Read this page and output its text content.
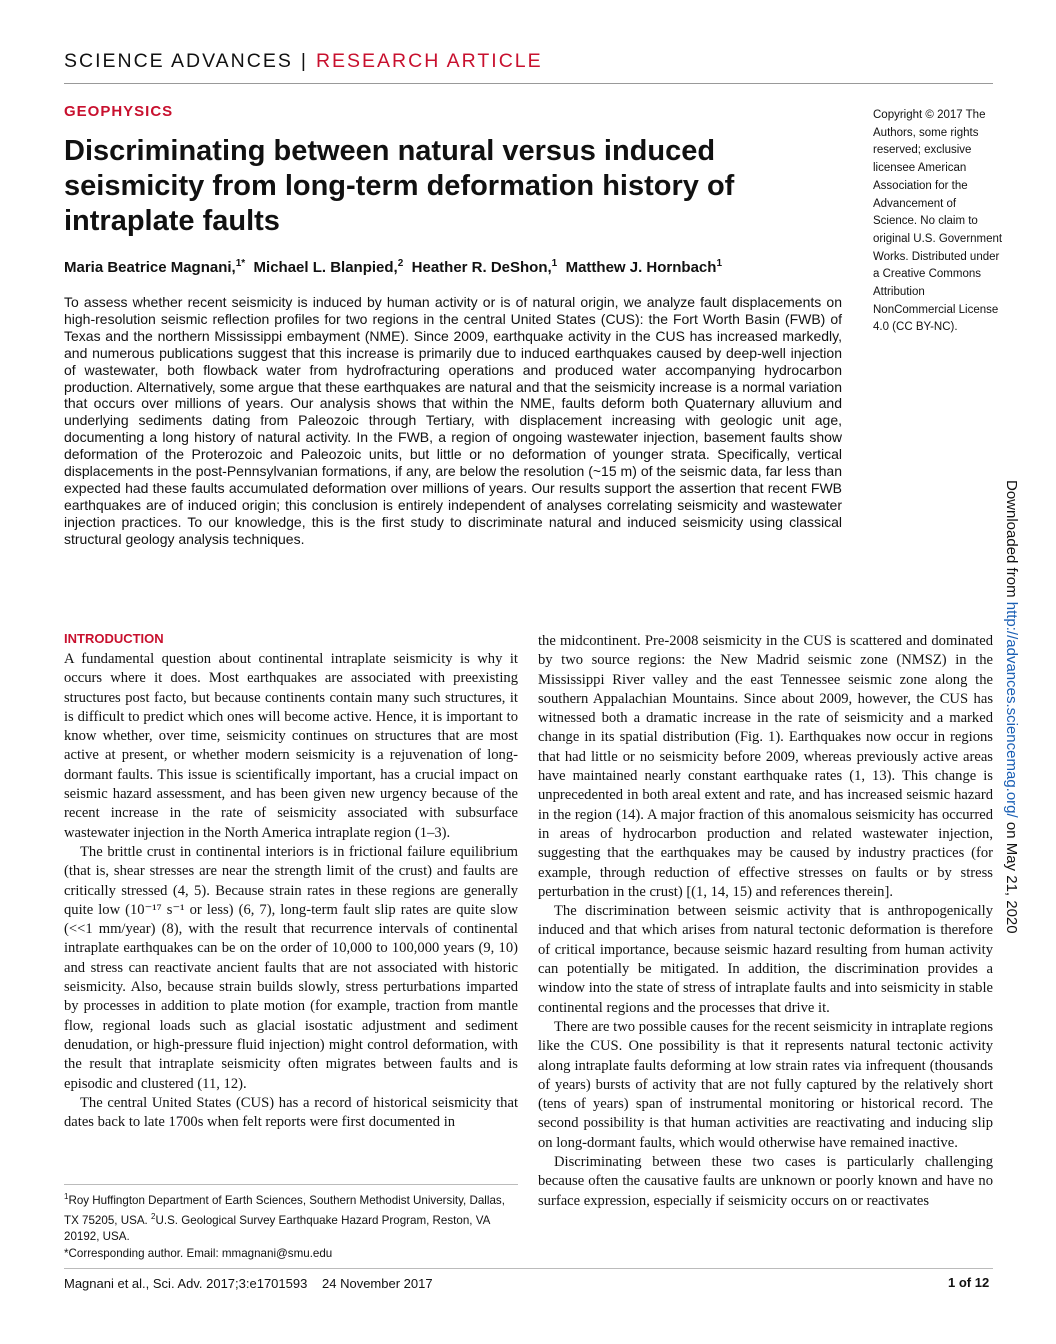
SCIENCE ADVANCES | RESEARCH ARTICLE
GEOPHYSICS
Discriminating between natural versus induced seismicity from long-term deformation history of intraplate faults
Maria Beatrice Magnani,$^{1*}$ Michael L. Blanpied,$^2$ Heather R. DeShon,$^1$ Matthew J. Hornbach$^1$
Copyright © 2017 The Authors, some rights reserved; exclusive licensee American Association for the Advancement of Science. No claim to original U.S. Government Works. Distributed under a Creative Commons Attribution NonCommercial License 4.0 (CC BY-NC).
To assess whether recent seismicity is induced by human activity or is of natural origin, we analyze fault displacements on high-resolution seismic reflection profiles for two regions in the central United States (CUS): the Fort Worth Basin (FWB) of Texas and the northern Mississippi embayment (NME). Since 2009, earthquake activity in the CUS has increased markedly, and numerous publications suggest that this increase is primarily due to induced earthquakes caused by deep-well injection of wastewater, both flowback water from hydrofracturing operations and produced water accompanying hydrocarbon production. Alternatively, some argue that these earthquakes are natural and that the seismicity increase is a normal variation that occurs over millions of years. Our analysis shows that within the NME, faults deform both Quaternary alluvium and underlying sediments dating from Paleozoic through Tertiary, with displacement increasing with geologic unit age, documenting a long history of natural activity. In the FWB, a region of ongoing wastewater injection, basement faults show deformation of the Proterozoic and Paleozoic units, but little or no deformation of younger strata. Specifically, vertical displacements in the post-Pennsylvanian formations, if any, are below the resolution (~15 m) of the seismic data, far less than expected had these faults accumulated deformation over millions of years. Our results support the assertion that recent FWB earthquakes are of induced origin; this conclusion is entirely independent of analyses correlating seismicity and wastewater injection practices. To our knowledge, this is the first study to discriminate natural and induced seismicity using classical structural geology analysis techniques.
INTRODUCTION

A fundamental question about continental intraplate seismicity is why it occurs where it does. Most earthquakes are associated with preexisting structures post facto, but because continents contain many such structures, it is difficult to predict which ones will become active. Hence, it is important to know whether, over time, seismicity continues on structures that are most active at present, or whether modern seismicity is a rejuvenation of long-dormant faults. This issue is scientifically important, has a crucial impact on seismic hazard assessment, and has been given new urgency because of the recent increase in the rate of seismicity associated with subsurface wastewater injection in the North America intraplate region (1–3).

The brittle crust in continental interiors is in frictional failure equilibrium (that is, shear stresses are near the strength limit of the crust) and faults are critically stressed (4, 5). Because strain rates in these regions are generally quite low (10⁻¹⁷ s⁻¹ or less) (6, 7), long-term fault slip rates are quite slow (<<1 mm/year) (8), with the result that recurrence intervals of continental intraplate earthquakes can be on the order of 10,000 to 100,000 years (9, 10) and stress can reactivate ancient faults that are not associated with historic seismicity. Also, because strain builds slowly, stress perturbations imparted by processes in addition to plate motion (for example, traction from mantle flow, regional loads such as glacial isostatic adjustment and sediment denudation, or high-pressure fluid injection) might control deformation, with the result that intraplate seismicity often migrates between faults and is episodic and clustered (11, 12).

The central United States (CUS) has a record of historical seismicity that dates back to late 1700s when felt reports were first documented in

the midcontinent. Pre-2008 seismicity in the CUS is scattered and dominated by two source regions: the New Madrid seismic zone (NMSZ) in the Mississippi River valley and the east Tennessee seismic zone along the southern Appalachian Mountains. Since about 2009, however, the CUS has witnessed both a dramatic increase in the rate of seismicity and a marked change in its spatial distribution (Fig. 1). Earthquakes now occur in regions that had little or no seismicity before 2009, whereas previously active areas have maintained nearly constant earthquake rates (1, 13). This change is unprecedented in both areal extent and rate, and has increased seismic hazard in the region (14). A major fraction of this anomalous seismicity has occurred in areas of hydrocarbon production and related wastewater injection, suggesting that the earthquakes may be caused by industry practices (for example, through reduction of effective stresses on faults or by stress perturbation in the crust) [(1, 14, 15) and references therein].

The discrimination between seismic activity that is anthropogenically induced and that which arises from natural tectonic deformation is therefore of critical importance, because seismic hazard resulting from human activity can potentially be mitigated. In addition, the discrimination provides a window into the state of stress of intraplate faults and into seismicity in stable continental regions and the processes that drive it.

There are two possible causes for the recent seismicity in intraplate regions like the CUS. One possibility is that it represents natural tectonic activity along intraplate faults deforming at low strain rates via infrequent (thousands of years) bursts of activity that are not fully captured by the relatively short (tens of years) span of instrumental monitoring or historical record. The second possibility is that human activities are reactivating and inducing slip on long-dormant faults, which would otherwise have remained inactive.

Discriminating between these two cases is particularly challenging because often the causative faults are unknown or poorly known and have no surface expression, especially if seismicity occurs on or reactivates

$^1$Roy Huffington Department of Earth Sciences, Southern Methodist University, Dallas, TX 75205, USA. $^2$U.S. Geological Survey Earthquake Hazard Program, Reston, VA 20192, USA.

*Corresponding author. Email: mmagnani@smu.edu

Magnani et al., Sci. Adv. 2017;3:e1701593 24 November 2017	1 of 12
Downloaded from http://advances.sciencemag.org/ on May 21, 2020
